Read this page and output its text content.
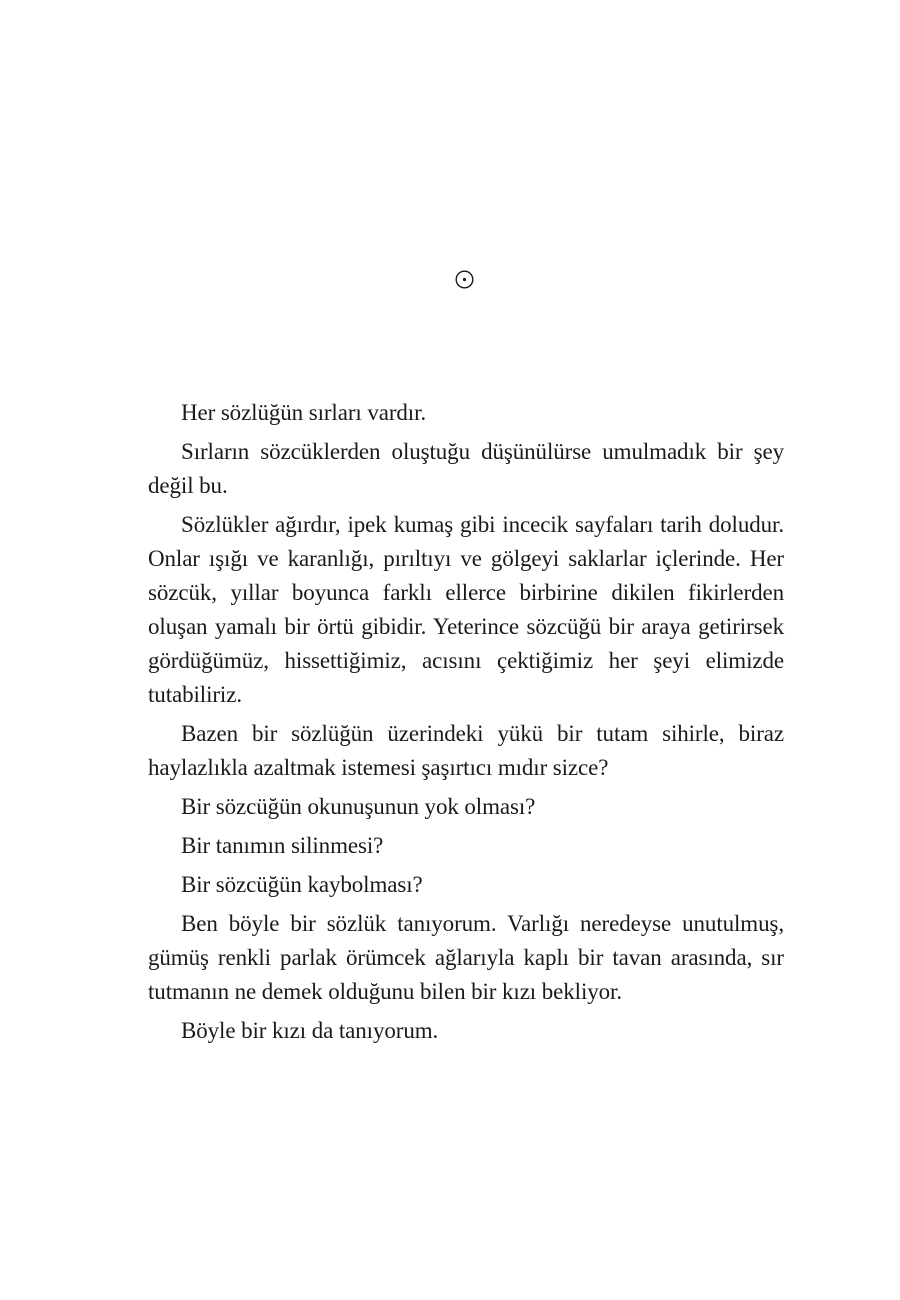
Her sözlüğün sırları vardır.

Sırların sözcüklerden oluştuğu düşünülürse umulmadık bir şey değil bu.

Sözlükler ağırdır, ipek kumaş gibi incecik sayfaları tarih doludur. Onlar ışığı ve karanlığı, pırıltıyı ve gölgeyi saklarlar içlerinde. Her sözcük, yıllar boyunca farklı ellerce birbirine dikilen fikirlerden oluşan yamalı bir örtü gibidir. Yeterince sözcüğü bir araya getirirsek gördüğümüz, hissettiğimiz, acısını çektiğimiz her şeyi elimizde tutabiliriz.

Bazen bir sözlüğün üzerindeki yükü bir tutam sihirle, biraz haylazlıkla azaltmak istemesi şaşırtıcı mıdır sizce?

Bir sözcüğün okunuşunun yok olması?

Bir tanımın silinmesi?

Bir sözcüğün kaybolması?

Ben böyle bir sözlük tanıyorum. Varlığı neredeyse unutulmuş, gümüş renkli parlak örümcek ağlarıyla kaplı bir tavan arasında, sır tutmanın ne demek olduğunu bilen bir kızı bekliyor.

Böyle bir kızı da tanıyorum.
